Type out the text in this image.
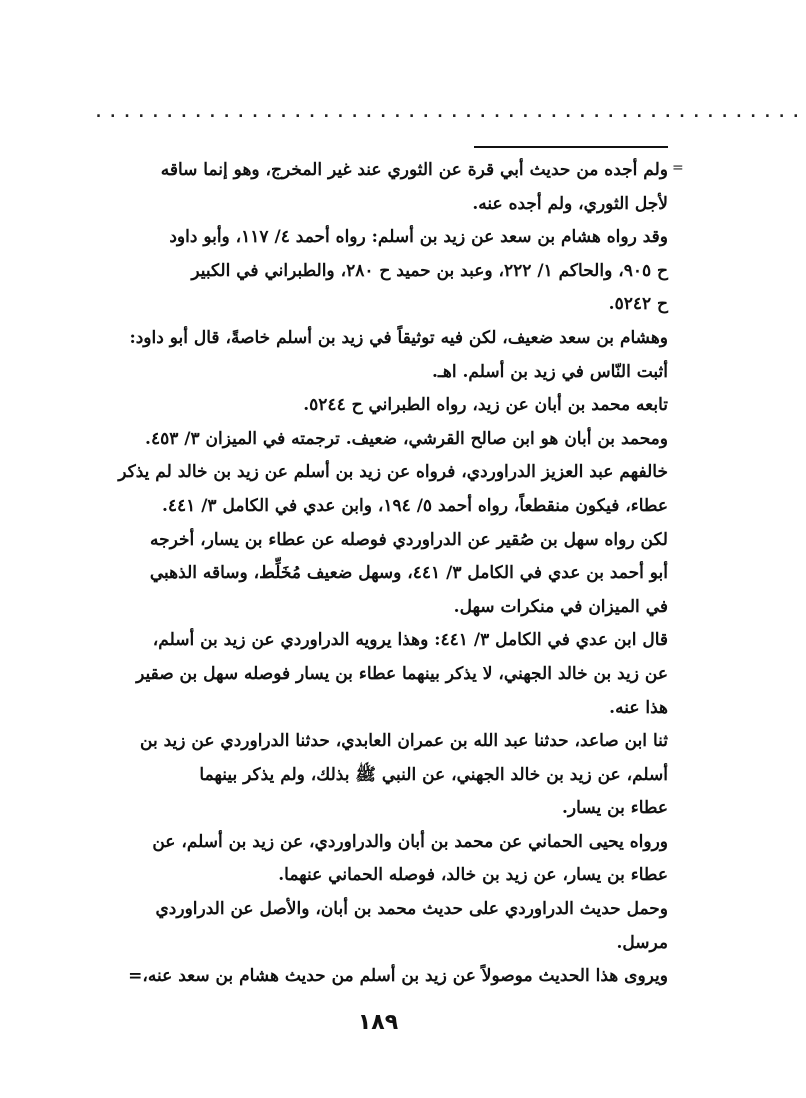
..................................................
=
ولم أجده من حديث أبي قرة عن الثوري عند غير المخرج، وهو إنما ساقه
لأجل الثوري، ولم أجده عنه.
وقد رواه هشام بن سعد عن زيد بن أسلم: رواه أحمد ٤/ ١١٧، وأبو داود
ح ٩٠٥، والحاكم ١/ ٢٢٢، وعبد بن حميد ح ٢٨٠، والطبراني في الكبير
ح ٥٢٤٢.
وهشام بن سعد ضعيف، لكن فيه توثيقاً في زيد بن أسلم خاصةً، قال أبو داود:
أثبت النّاس في زيد بن أسلم. اهـ.
تابعه محمد بن أبان عن زيد، رواه الطبراني ح ٥٢٤٤.
ومحمد بن أبان هو ابن صالح القرشي، ضعيف. ترجمته في الميزان ٣/ ٤٥٣.
خالفهم عبد العزيز الدراوردي، فرواه عن زيد بن أسلم عن زيد بن خالد لم يذكر
عطاء، فيكون منقطعاً، رواه أحمد ٥/ ١٩٤، وابن عدي في الكامل ٣/ ٤٤١.
لكن رواه سهل بن صُقير عن الدراوردي فوصله عن عطاء بن يسار، أخرجه
أبو أحمد بن عدي في الكامل ٣/ ٤٤١، وسهل ضعيف مُخَلِّط، وساقه الذهبي
في الميزان في منكرات سهل.
قال ابن عدي في الكامل ٣/ ٤٤١: وهذا يرويه الدراوردي عن زيد بن أسلم،
عن زيد بن خالد الجهني، لا يذكر بينهما عطاء بن يسار فوصله سهل بن صقير
هذا عنه.
ثنا ابن صاعد، حدثنا عبد الله بن عمران العابدي، حدثنا الدراوردي عن زيد بن
أسلم، عن زيد بن خالد الجهني، عن النبي ﷺ بذلك، ولم يذكر بينهما
عطاء بن يسار.
ورواه يحيى الحماني عن محمد بن أبان والدراوردي، عن زيد بن أسلم، عن
عطاء بن يسار، عن زيد بن خالد، فوصله الحماني عنهما.
وحمل حديث الدراوردي على حديث محمد بن أبان، والأصل عن الدراوردي
مرسل.
ويروى هذا الحديث موصولاً عن زيد بن أسلم من حديث هشام بن سعد عنه،=
١٨٩
